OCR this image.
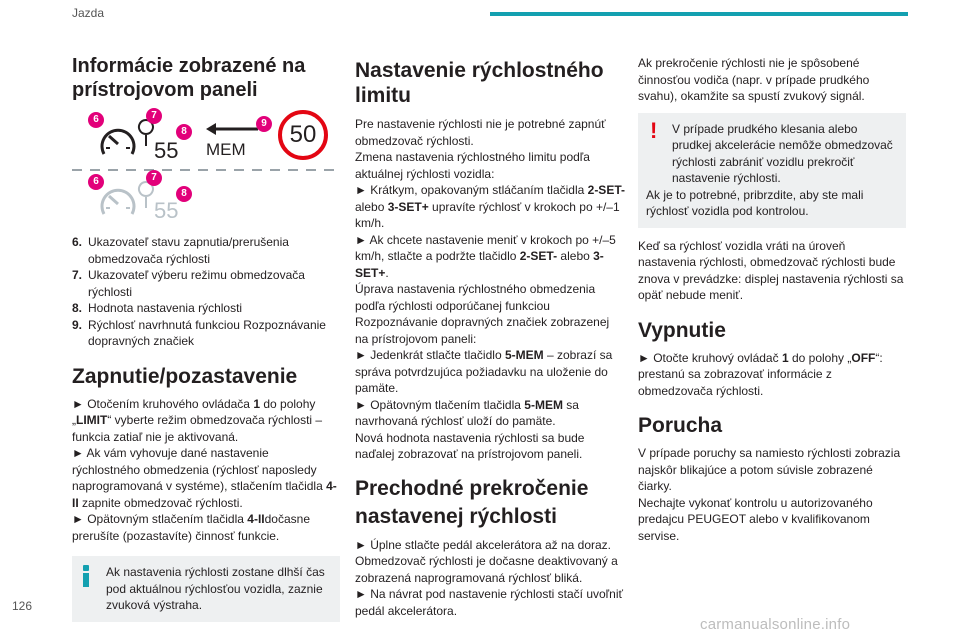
Jazda
Informácie zobrazené na prístrojovom paneli
6	7
8
55 MEM
9 50
6	7
8
55
6. Ukazovateľ stavu zapnutia/prerušenia obmedzovača rýchlosti
7. Ukazovateľ výberu režimu obmedzovača rýchlosti
8. Hodnota nastavenia rýchlosti
9. Rýchlosť navrhnutá funkciou Rozpoznávanie dopravných značiek
Zapnutie/pozastavenie

► Otočením kruhového ovládača 1 do polohy „LIMIT“ vyberte režim obmedzovača rýchlosti – funkcia zatiaľ nie je aktivovaná.

► Ak vám vyhovuje dané nastavenie rýchlostného obmedzenia (rýchlosť naposledy naprogramovaná v systéme), stlačením tlačidla 4-II zapnite obmedzovač rýchlosti.

► Opätovným stlačením tlačidla 4-IIdočasne prerušíte (pozastavíte) činnosť funkcie.

Ak nastavenia rýchlosti zostane dlhší čas pod aktuálnou rýchlosťou vozidla, zaznie zvuková výstraha.

Nastavenie rýchlostného limitu

Pre nastavenie rýchlosti nie je potrebné zapnúť obmedzovač rýchlosti.

Zmena nastavenia rýchlostného limitu podľa aktuálnej rýchlosti vozidla:

► Krátkym, opakovaným stláčaním tlačidla 2-SET- alebo 3-SET+ upravíte rýchlosť v krokoch po +/–1 km/h.

► Ak chcete nastavenie meniť v krokoch po +/–5 km/h, stlačte a podržte tlačidlo 2-SET- alebo 3-SET+.

Úprava nastavenia rýchlostného obmedzenia podľa rýchlosti odporúčanej funkciou Rozpoznávanie dopravných značiek zobrazenej na prístrojovom paneli:

► Jedenkrát stlačte tlačidlo 5-MEM – zobrazí sa správa potvrdzujúca požiadavku na uloženie do pamäte.

► Opätovným tlačením tlačidla 5-MEM sa navrhovaná rýchlosť uloží do pamäte.

Nová hodnota nastavenia rýchlosti sa bude naďalej zobrazovať na prístrojovom paneli.

Prechodné prekročenie nastavenej rýchlosti

► Úplne stlačte pedál akcelerátora až na doraz. Obmedzovač rýchlosti je dočasne deaktivovaný a zobrazená naprogramovaná rýchlosť bliká.

► Na návrat pod nastavenie rýchlosti stačí uvoľniť pedál akcelerátora.

Ak prekročenie rýchlosti nie je spôsobené činnosťou vodiča (napr. v prípade prudkého svahu), okamžite sa spustí zvukový signál.

!	V prípade prudkého klesania alebo prudkej akcelerácie nemôže obmedzovač rýchlosti zabrániť vozidlu prekročiť nastavenie rýchlosti.

Ak je to potrebné, pribrzdite, aby ste mali rýchlosť vozidla pod kontrolou.

Keď sa rýchlosť vozidla vráti na úroveň nastavenia rýchlosti, obmedzovač rýchlosti bude znova v prevádzke: displej nastavenia rýchlosti sa opäť nebude meniť.

Vypnutie

► Otočte kruhový ovládač 1 do polohy „OFF“: prestanú sa zobrazovať informácie z obmedzovača rýchlosti.

Porucha

V prípade poruchy sa namiesto rýchlosti zobrazia najskôr blikajúce a potom súvisle zobrazené čiarky.

Nechajte vykonať kontrolu u autorizovaného predajcu PEUGEOT alebo v kvalifikovanom servise.

126
carmanualsonline.info
